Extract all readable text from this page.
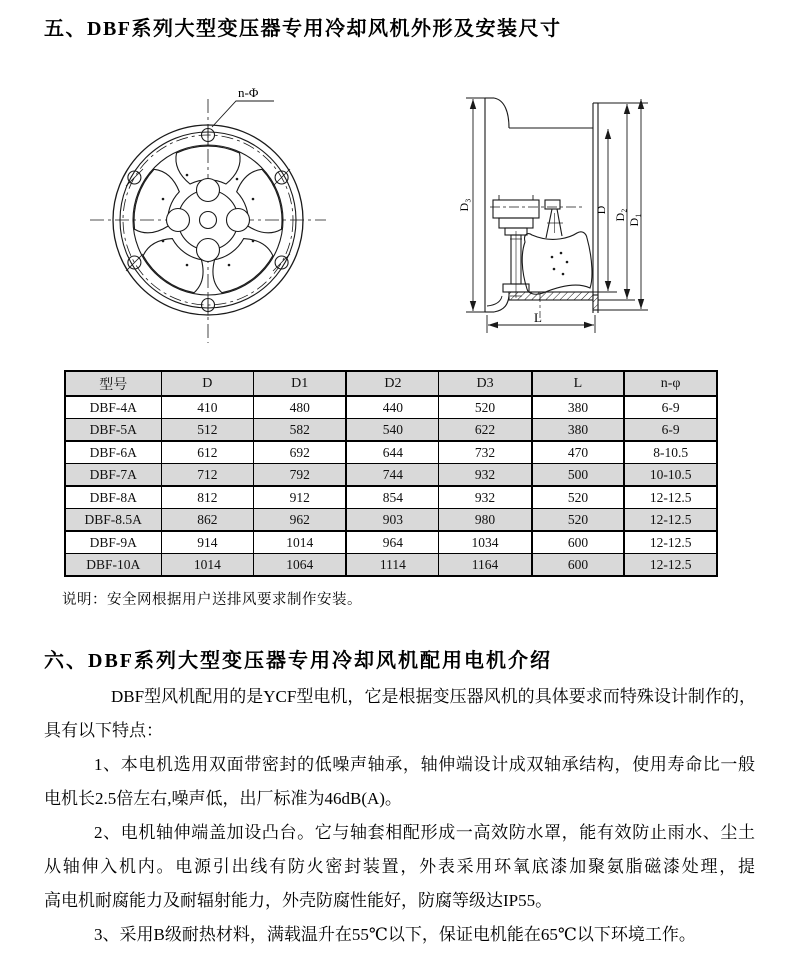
五、DBF系列大型变压器专用冷却风机外形及安装尺寸
n-Φ
D₃	D D₂ D₁
L
型号	D	D1	D2	D3	L	n-φ
DBF-4A	410	480	440	520	380	6-9
DBF-5A	512	582	540	622	380	6-9
DBF-6A	612	692	644	732	470	8-10.5
DBF-7A	712	792	744	932	500	10-10.5
DBF-8A	812	912	854	932	520	12-12.5
DBF-8.5A	862	962	903	980	520	12-12.5
DBF-9A	914	1014	964	1034	600	12-12.5
DBF-10A	1014	1064	1114	1164	600	12-12.5
说明：安全网根据用户送排风要求制作安装。
六、DBF系列大型变压器专用冷却风机配用电机介绍
DBF型风机配用的是YCF型电机，它是根据变压器风机的具体要求而特殊设计制作的，
具有以下特点：
1、本电机选用双面带密封的低噪声轴承，轴伸端设计成双轴承结构，使用寿命比一般
电机长2.5倍左右,噪声低，出厂标准为46dB(A)。
2、电机轴伸端盖加设凸台。它与轴套相配形成一高效防水罩，能有效防止雨水、尘土
从轴伸入机内。电源引出线有防火密封装置，外表采用环氧底漆加聚氨脂磁漆处理，提
高电机耐腐能力及耐辐射能力，外壳防腐性能好，防腐等级达IP55。
3、采用B级耐热材料，满载温升在55℃以下，保证电机能在65℃以下环境工作。
